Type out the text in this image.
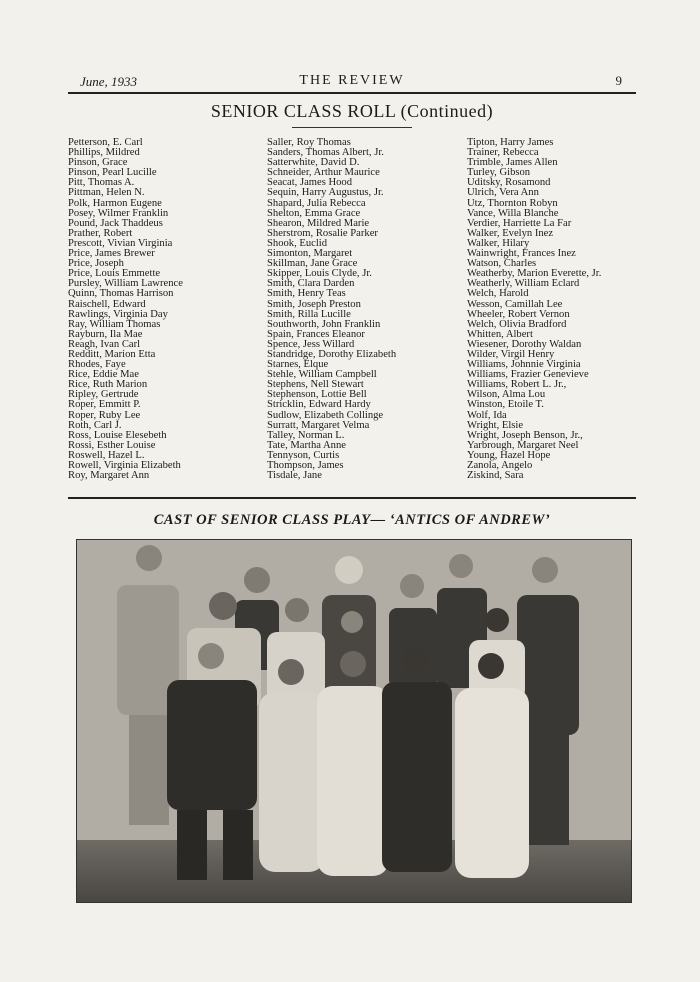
June, 1933	THE REVIEW	9
SENIOR CLASS ROLL (Continued)
Petterson, E. Carl
Phillips, Mildred
Pinson, Grace
Pinson, Pearl Lucille
Pitt, Thomas A.
Pittman, Helen N.
Polk, Harmon Eugene
Posey, Wilmer Franklin
Pound, Jack Thaddeus
Prather, Robert
Prescott, Vivian Virginia
Price, James Brewer
Price, Joseph
Price, Louis Emmette
Pursley, William Lawrence
Quinn, Thomas Harrison
Raischell, Edward
Rawlings, Virginia Day
Ray, William Thomas
Rayburn, Ila Mae
Reagh, Ivan Carl
Redditt, Marion Etta
Rhodes, Faye
Rice, Eddie Mae
Rice, Ruth Marion
Ripley, Gertrude
Roper, Emmitt P.
Roper, Ruby Lee
Roth, Carl J.
Ross, Louise Elesebeth
Rossi, Esther Louise
Roswell, Hazel L.
Rowell, Virginia Elizabeth
Roy, Margaret Ann
Saller, Roy Thomas
Sanders, Thomas Albert, Jr.
Satterwhite, David D.
Schneider, Arthur Maurice
Seacat, James Hood
Sequin, Harry Augustus, Jr.
Shapard, Julia Rebecca
Shelton, Emma Grace
Shearon, Mildred Marie
Sherstrom, Rosalie Parker
Shook, Euclid
Simonton, Margaret
Skillman, Jane Grace
Skipper, Louis Clyde, Jr.
Smith, Clara Darden
Smith, Henry Teas
Smith, Joseph Preston
Smith, Rilla Lucille
Southworth, John Franklin
Spain, Frances Eleanor
Spence, Jess Willard
Standridge, Dorothy Elizabeth
Starnes, Elque
Stehle, William Campbell
Stephens, Nell Stewart
Stephenson, Lottie Bell
Stricklin, Edward Hardy
Sudlow, Elizabeth Collinge
Surratt, Margaret Velma
Talley, Norman L.
Tate, Martha Anne
Tennyson, Curtis
Thompson, James
Tisdale, Jane
Tipton, Harry James
Trainer, Rebecca
Trimble, James Allen
Turley, Gibson
Uditsky, Rosamond
Ulrich, Vera Ann
Utz, Thornton Robyn
Vance, Willa Blanche
Verdier, Harriette La Far
Walker, Evelyn Inez
Walker, Hilary
Wainwright, Frances Inez
Watson, Charles
Weatherby, Marion Everette, Jr.
Weatherly, William Eclard
Welch, Harold
Wesson, Camillah Lee
Wheeler, Robert Vernon
Welch, Olivia Bradford
Whitten, Albert
Wiesener, Dorothy Waldan
Wilder, Virgil Henry
Williams, Johnnie Virginia
Williams, Frazier Genevieve
Williams, Robert L. Jr.,
Wilson, Alma Lou
Winston, Etoile T.
Wolf, Ida
Wright, Elsie
Wright, Joseph Benson, Jr.,
Yarbrough, Margaret Neel
Young, Hazel Hope
Zanola, Angelo
Ziskind, Sara
CAST OF SENIOR CLASS PLAY— ‘ANTICS OF ANDREW’
